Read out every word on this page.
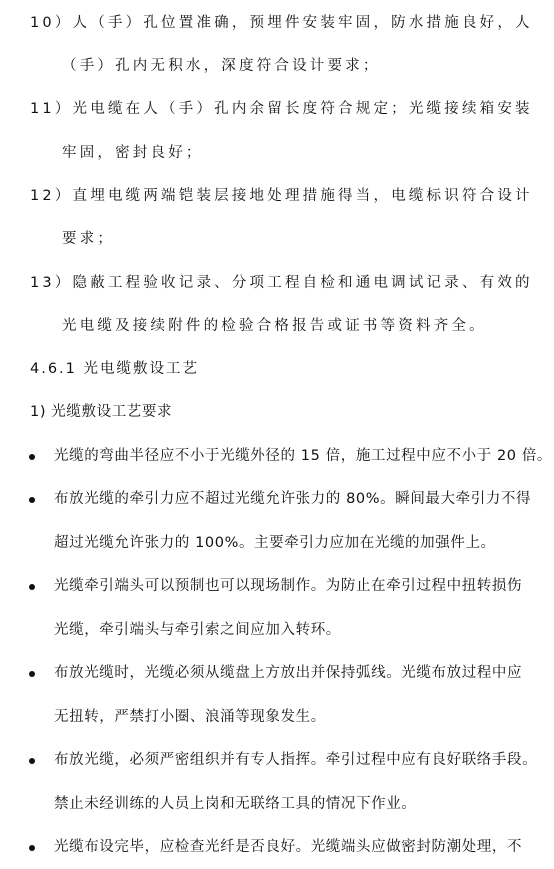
10）人（手）孔位置准确，预埋件安装牢固，防水措施良好，人
（手）孔内无积水，深度符合设计要求；
11）光电缆在人（手）孔内余留长度符合规定；光缆接续箱安装
牢固，密封良好；
12）直埋电缆两端铠装层接地处理措施得当，电缆标识符合设计
要求；
13）隐蔽工程验收记录、分项工程自检和通电调试记录、有效的
光电缆及接续附件的检验合格报告或证书等资料齐全。
4.6.1 光电缆敷设工艺
1) 光缆敷设工艺要求
光缆的弯曲半径应不小于光缆外径的 15 倍，施工过程中应不小于 20 倍。
布放光缆的牵引力应不超过光缆允许张力的 80%。瞬间最大牵引力不得
超过光缆允许张力的 100%。主要牵引力应加在光缆的加强件上。
光缆牵引端头可以预制也可以现场制作。为防止在牵引过程中扭转损伤
光缆，牵引端头与牵引索之间应加入转环。
布放光缆时，光缆必须从缆盘上方放出并保持弧线。光缆布放过程中应
无扭转，严禁打小圈、浪涌等现象发生。
布放光缆，必须严密组织并有专人指挥。牵引过程中应有良好联络手段。
禁止未经训练的人员上岗和无联络工具的情况下作业。
光缆布设完毕，应检查光纤是否良好。光缆端头应做密封防潮处理，不
